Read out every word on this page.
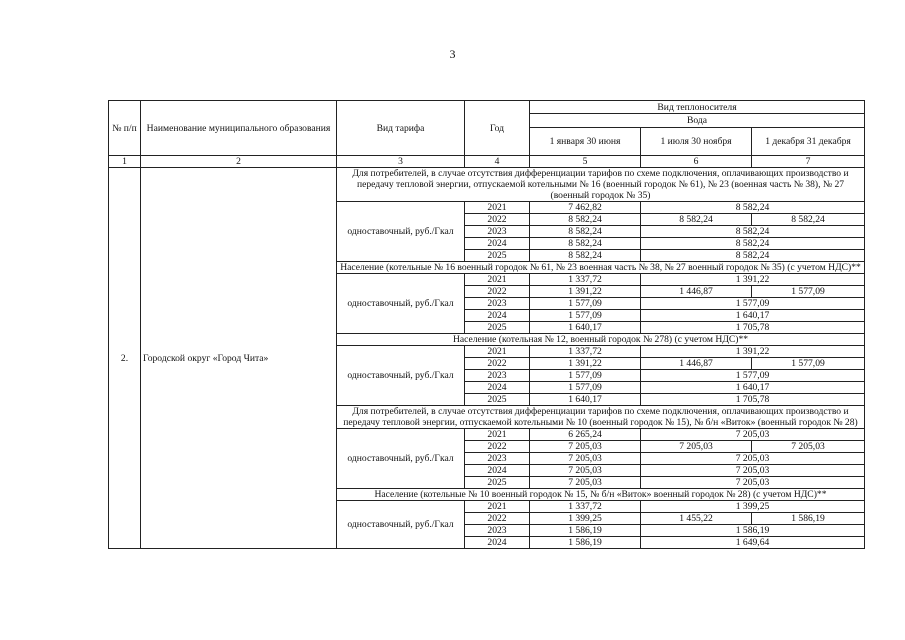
3
№ п/п	Наименование муниципального образования	Вид тарифа	Год	Вид теплоносителя		
				Вода		
				1 января 30 июня	1 июля 30 ноября	1 декабря 31 декабря
1	2	3	4	5	6	7
2.	Городской округ «Город Чита»	Для потребителей, в случае отсутствия дифференциации тарифов по схеме подключения, оплачивающих производство и передачу тепловой энергии, отпускаемой котельными № 16 (военный городок № 61), № 23 (военная часть № 38), № 27 (военный городок № 35)				
		одноставочный, руб./Гкал	2021	7 462,82	8 582,24	
			2022	8 582,24	8 582,24	8 582,24
			2023	8 582,24	8 582,24	
			2024	8 582,24	8 582,24	
			2025	8 582,24	8 582,24	
		Население (котельные № 16 военный городок № 61, № 23 военная часть № 38, № 27 военный городок № 35) (с учетом НДС)**				
		одноставочный, руб./Гкал	2021	1 337,72	1 391,22	
			2022	1 391,22	1 446,87	1 577,09
			2023	1 577,09	1 577,09	
			2024	1 577,09	1 640,17	
			2025	1 640,17	1 705,78	
		Население (котельная № 12, военный городок № 278) (с учетом НДС)**				
		одноставочный, руб./Гкал	2021	1 337,72	1 391,22	
			2022	1 391,22	1 446,87	1 577,09
			2023	1 577,09	1 577,09	
			2024	1 577,09	1 640,17	
			2025	1 640,17	1 705,78	
		Для потребителей, в случае отсутствия дифференциации тарифов по схеме подключения, оплачивающих производство и передачу тепловой энергии, отпускаемой котельными № 10 (военный городок № 15), № б/н «Виток» (военный городок № 28)				
		одноставочный, руб./Гкал	2021	6 265,24	7 205,03	
			2022	7 205,03	7 205,03	7 205,03
			2023	7 205,03	7 205,03	
			2024	7 205,03	7 205,03	
			2025	7 205,03	7 205,03	
		Население (котельные № 10 военный городок № 15, № б/н «Виток» военный городок № 28) (с учетом НДС)**				
		одноставочный, руб./Гкал	2021	1 337,72	1 399,25	
			2022	1 399,25	1 455,22	1 586,19
			2023	1 586,19	1 586,19	
			2024	1 586,19	1 649,64	
